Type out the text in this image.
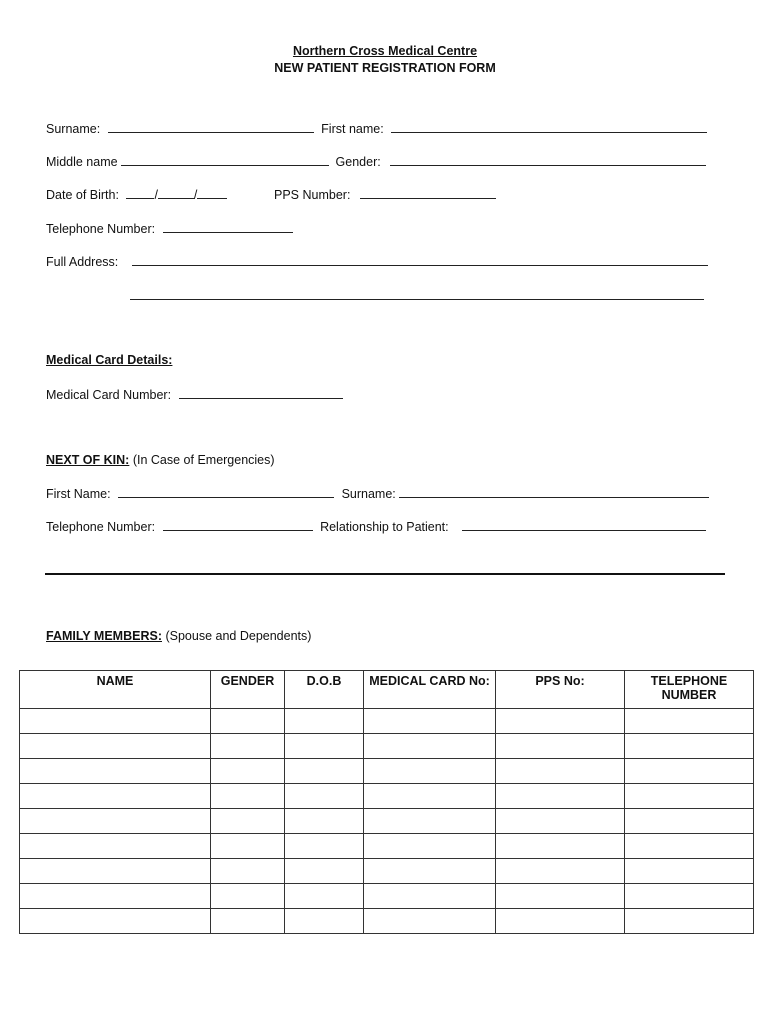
Northern Cross Medical Centre
NEW PATIENT REGISTRATION FORM
Surname:	First name:
Middle name	Gender:
Date of Birth:	/	/	PPS Number:
Telephone Number:
Full Address:
Medical Card Details:
Medical Card Number:
NEXT OF KIN: (In Case of Emergencies)
First Name:	Surname:
Telephone Number:	Relationship to Patient:
FAMILY MEMBERS: (Spouse and Dependents)
NAME	GENDER	D.O.B	MEDICAL CARD No:	PPS No:	TELEPHONE NUMBER
